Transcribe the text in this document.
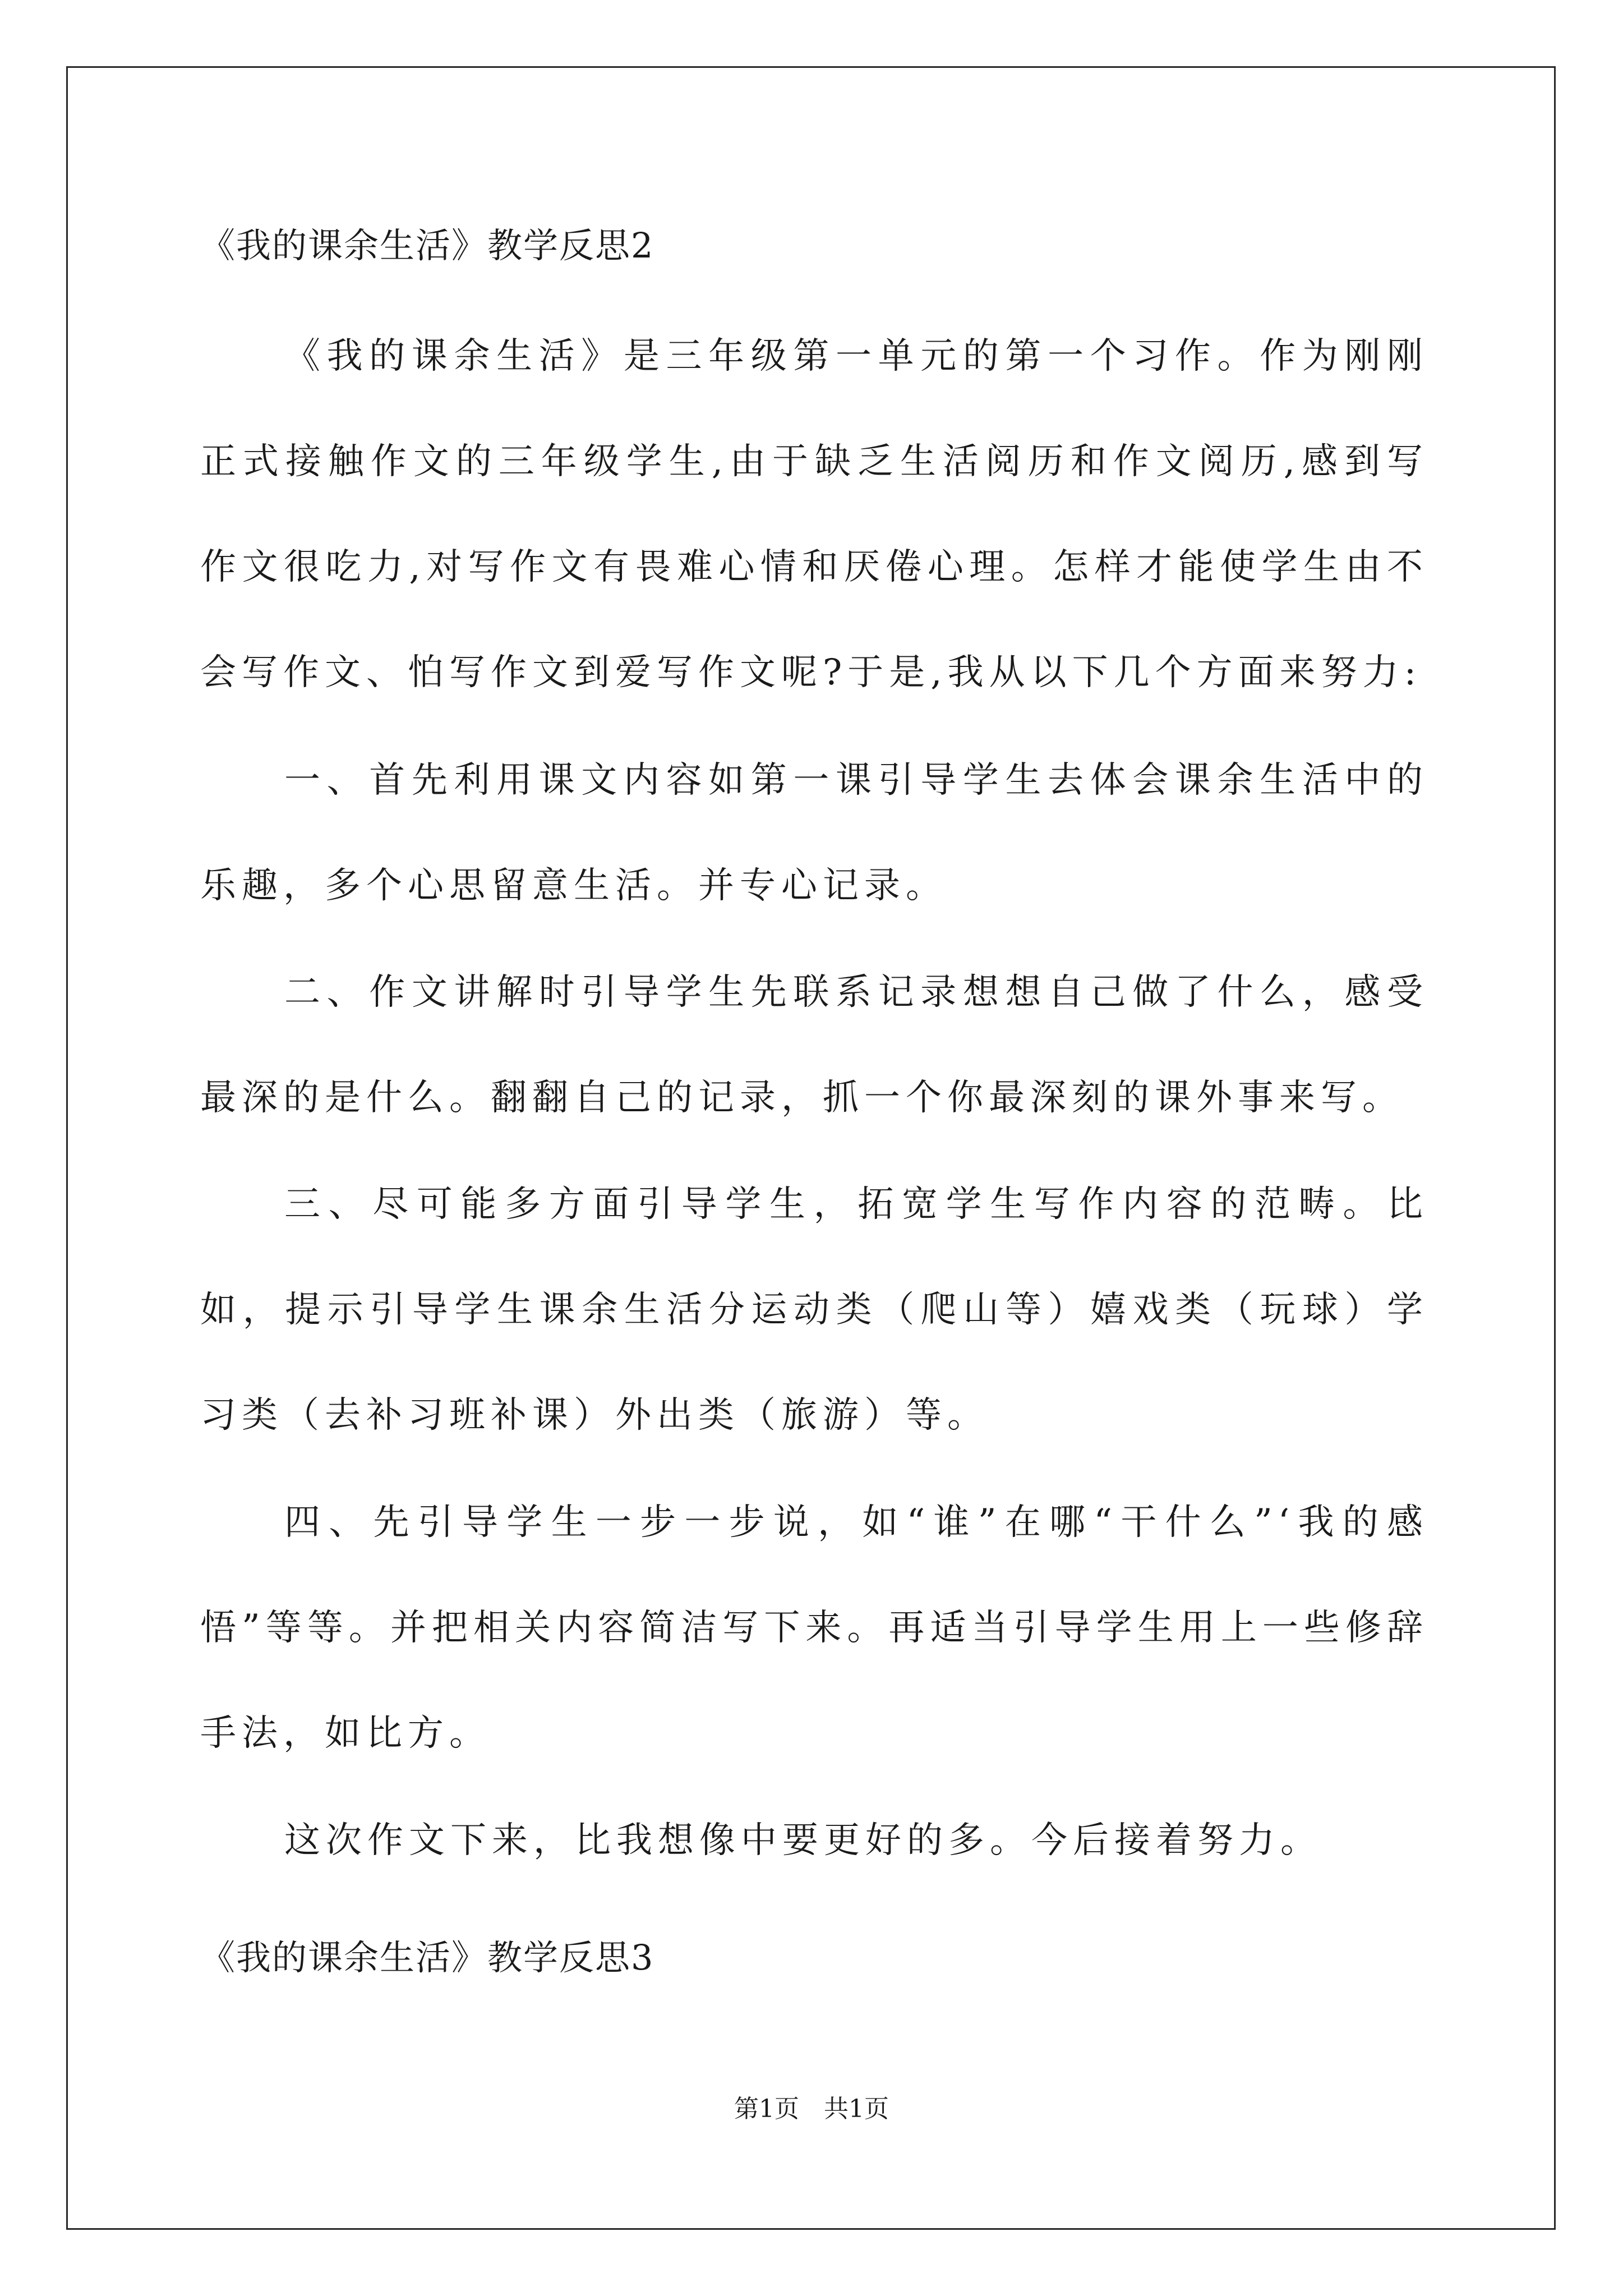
《我的课余生活》教学反思2

《我的课余生活》是三年级第一单元的第一个习作。作为刚刚正式接触作文的三年级学生,由于缺乏生活阅历和作文阅历,感到写作文很吃力,对写作文有畏难心情和厌倦心理。怎样才能使学生由不会写作文、怕写作文到爱写作文呢?于是,我从以下几个方面来努力:

一、首先利用课文内容如第一课引导学生去体会课余生活中的乐趣，多个心思留意生活。并专心记录。

二、作文讲解时引导学生先联系记录想想自己做了什么，感受最深的是什么。翻翻自己的记录，抓一个你最深刻的课外事来写。

三、尽可能多方面引导学生，拓宽学生写作内容的范畴。比如，提示引导学生课余生活分运动类（爬山等）嬉戏类（玩球）学习类（去补习班补课）外出类（旅游）等。

四、先引导学生一步一步说，如“谁”在哪“干什么”‘我的感悟”等等。并把相关内容简洁写下来。再适当引导学生用上一些修辞手法，如比方。

这次作文下来，比我想像中要更好的多。今后接着努力。

《我的课余生活》教学反思3
第1页　共1页
